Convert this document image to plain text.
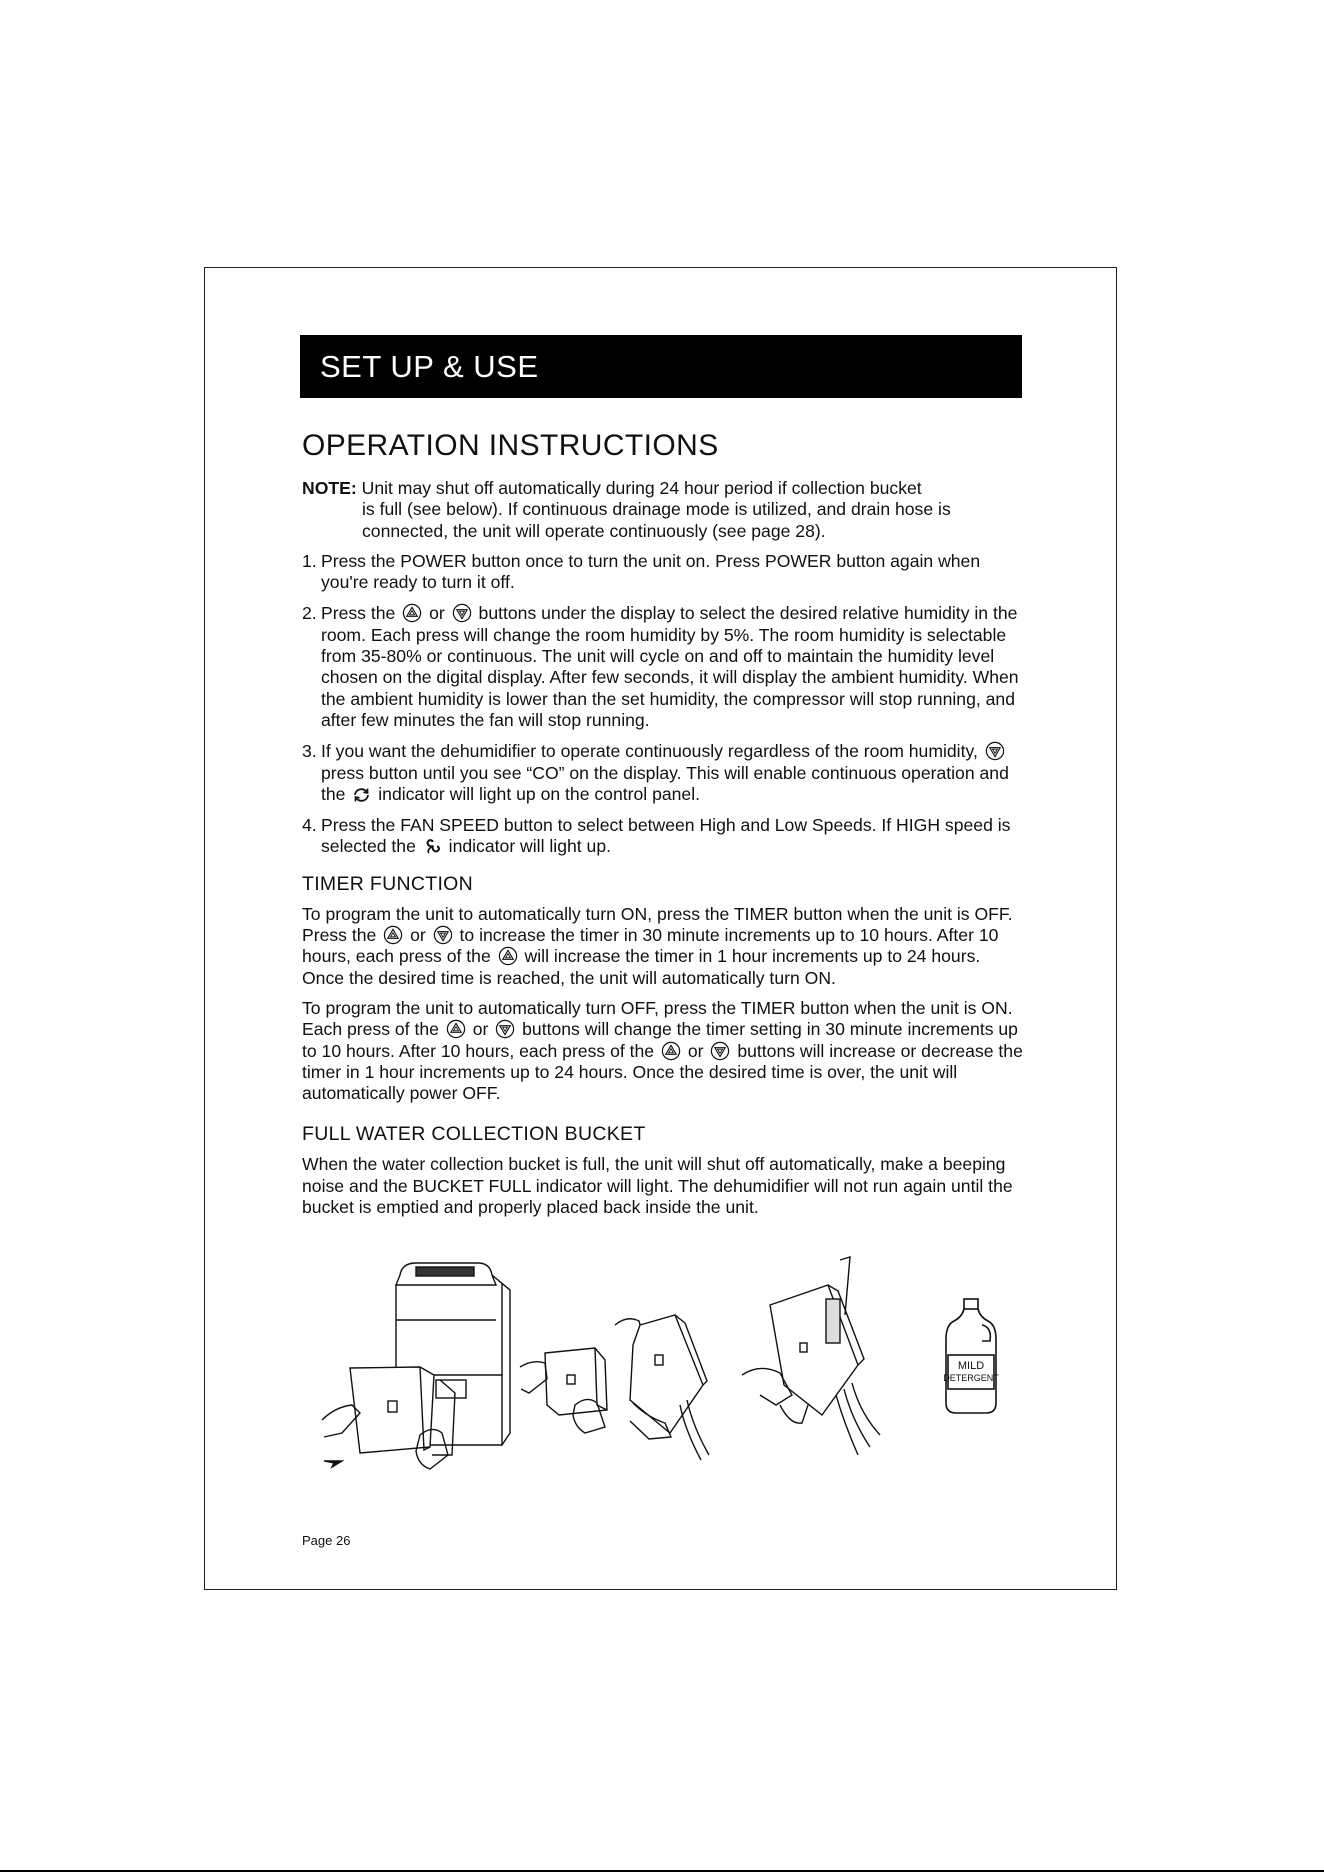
SET UP & USE
OPERATION INSTRUCTIONS
NOTE: Unit may shut off automatically during 24 hour period if collection bucket
is full (see below). If continuous drainage mode is utilized, and drain hose is connected, the unit will operate continuously (see page 28).
1. Press the POWER button once to turn the unit on. Press POWER button again when you're ready to turn it off.
2. Press the or buttons under the display to select the desired relative humidity in the room. Each press will change the room humidity by 5%. The room humidity is selectable from 35-80% or continuous. The unit will cycle on and off to maintain the humidity level chosen on the digital display. After few seconds, it will display the ambient humidity. When the ambient humidity is lower than the set humidity, the compressor will stop running, and after few minutes the fan will stop running.
3. If you want the dehumidifier to operate continuously regardless of the room humidity,  press button until you see “CO” on the display. This will enable continuous operation and the indicator will light up on the control panel.
4. Press the FAN SPEED button to select between High and Low Speeds. If HIGH speed is selected the indicator will light up.
TIMER FUNCTION

To program the unit to automatically turn ON, press the TIMER button when the unit is OFF. Press the or to increase the timer in 30 minute increments up to 10 hours. After 10 hours, each press of the will increase the timer in 1 hour increments up to 24 hours. Once the desired time is reached, the unit will automatically turn ON.

To program the unit to automatically turn OFF, press the TIMER button when the unit is ON. Each press of the or buttons will change the timer setting in 30 minute increments up to 10 hours. After 10 hours, each press of the or buttons will increase or decrease the timer in 1 hour increments up to 24 hours. Once the desired time is over, the unit will automatically power OFF.

FULL WATER COLLECTION BUCKET

When the water collection bucket is full, the unit will shut off automatically, make a beeping noise and the BUCKET FULL indicator will light. The dehumidifier will not run again until the bucket is emptied and properly placed back inside the unit.

MILD
DETERGENT
Page 26
